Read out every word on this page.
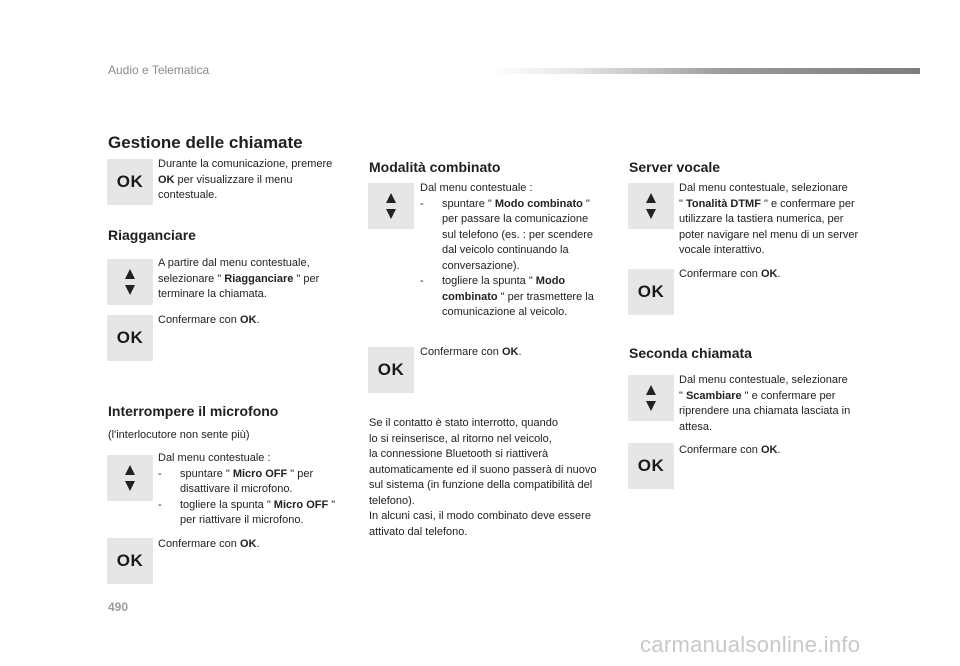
Audio e Telematica
Gestione delle chiamate
OK
Durante la comunicazione, premere
OK per visualizzare il menu
contestuale.
Riagganciare
A partire dal menu contestuale,
selezionare " Riagganciare " per
terminare la chiamata.
OK
Confermare con OK.
Interrompere il microfono
(l'interlocutore non sente più)
Dal menu contestuale :
-	spuntare " Micro OFF " per
disattivare il microfono.
-	togliere la spunta " Micro OFF "
per riattivare il microfono.
OK
Confermare con OK.
Modalità combinato
Dal menu contestuale :
-	spuntare " Modo combinato "
per passare la comunicazione
sul telefono (es. : per scendere
dal veicolo continuando la
conversazione).
-	togliere la spunta " Modo
combinato " per trasmettere la
comunicazione al veicolo.
OK
Confermare con OK.
Se il contatto è stato interrotto, quando
lo si reinserisce, al ritorno nel veicolo,
la connessione Bluetooth si riattiverà
automaticamente ed il suono passerà di nuovo
sul sistema (in funzione della compatibilità del
telefono).
In alcuni casi, il modo combinato deve essere
attivato dal telefono.
Server vocale
Dal menu contestuale, selezionare
" Tonalità DTMF " e confermare per
utilizzare la tastiera numerica, per
poter navigare nel menu di un server
vocale interattivo.
OK
Confermare con OK.
Seconda chiamata
Dal menu contestuale, selezionare
" Scambiare " e confermare per
riprendere una chiamata lasciata in
attesa.
OK
Confermare con OK.
490
carmanualsonline.info
